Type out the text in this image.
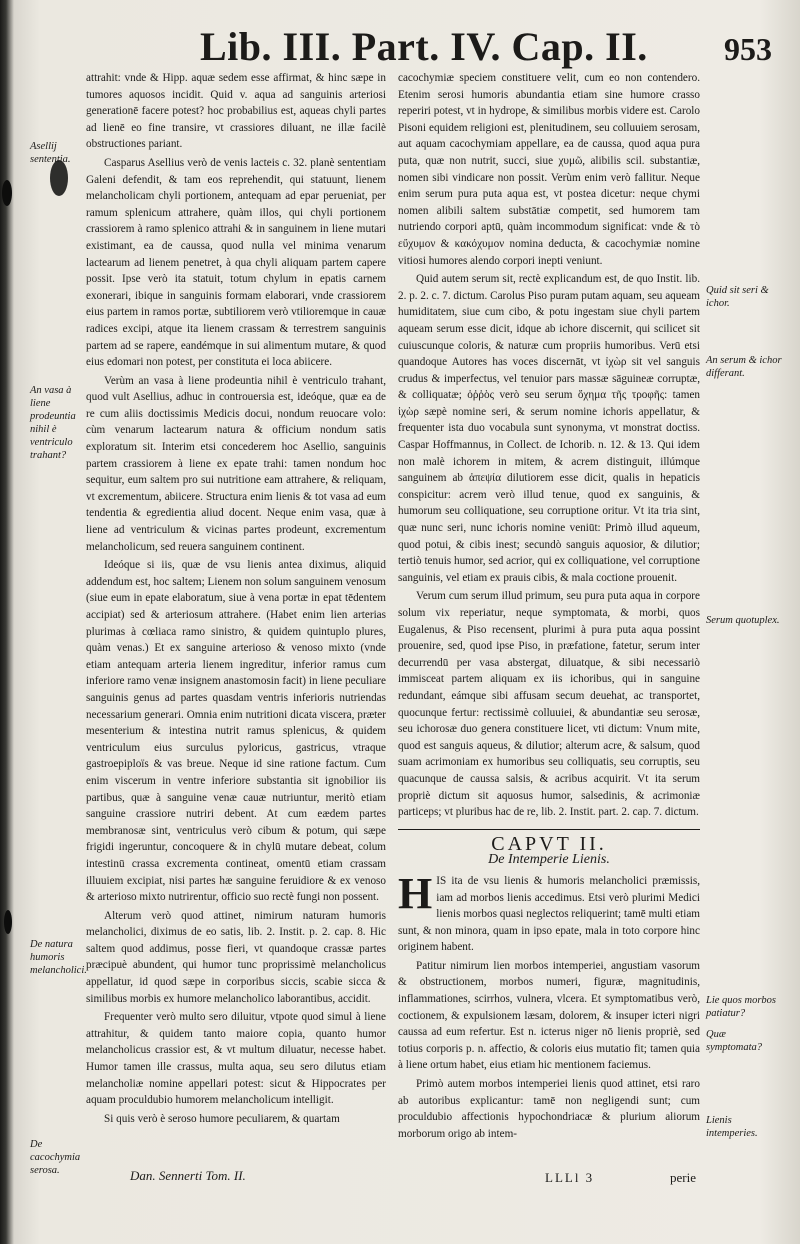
Lib. III. Part. IV. Cap. II. 953

attrahit: vnde & Hipp. aquæ sedem esse affirmat, & hinc sæpe in tumores aquosos incidit. Quid v. aqua ad sanguinis arteriosi generationē facere potest? hoc probabilius est, aqueas chyli partes ad lienē eo fine transire, vt crassiores diluant, ne illæ facilè obstructiones pariant.

Casparus Asellius verò de venis lacteis c. 32. planè sententiam Galeni defendit, & tam eos reprehendit, qui statuunt, lienem melancholicam chyli portionem, antequam ad epar perueniat, per ramum splenicum attrahere, quàm illos, qui chyli portionem crassiorem à ramo splenico attrahi & in sanguinem in liene mutari existimant, ea de caussa, quod nulla vel minima venarum lactearum ad lienem penetret, à qua chyli aliquam partem capere possit. Ipse verò ita statuit, totum chylum in epatis carnem exonerari, ibique in sanguinis formam elaborari, vnde crassiorem eius partem in ramos portæ, subtiliorem verò vtilioremque in cauæ radices excipi, atque ita lienem crassam & terrestrem sanguinis partem ad se rapere, eandémque in sui alimentum mutare, & quod eius edomari non potest, per constituta ei loca abiicere.

Verùm an vasa à liene prodeuntia nihil è ventriculo trahant, quod vult Asellius, adhuc in controuersia est, ideóque, quæ ea de re cum aliis doctissimis Medicis docui, nondum reuocare volo: cùm venarum lactearum natura & officium nondum satis exploratum sit. Interim etsi concederem hoc Asellio, sanguinis partem crassiorem à liene ex epate trahi: tamen nondum hoc sequitur, eum saltem pro sui nutritione eam attrahere, & reliquam, vt excrementum, abiicere. Structura enim lienis & tot vasa ad eum tendentia & egredientia aliud docent. Neque enim vasa, quæ à liene ad ventriculum & vicinas partes prodeunt, excrementum melancholicum, sed reuera sanguinem continent.

Ideóque si iis, quæ de vsu lienis antea diximus, aliquid addendum est, hoc saltem; Lienem non solum sanguinem venosum (siue eum in epate elaboratum, siue à vena portæ in epat tēdentem accipiat) sed & arteriosum attrahere. (Habet enim lien arterias plurimas à cœliaca ramo sinistro, & quidem quintuplo plures, quàm venas.) Et ex sanguine arterioso & venoso mixto (vnde etiam antequam arteria lienem ingreditur, inferior ramus cum inferiore ramo venæ insignem anastomosin facit) in liene peculiare sanguinis genus ad partes quasdam ventris inferioris nutriendas necessarium generari. Omnia enim nutritioni dicata viscera, præter mesenterium & intestina nutrit ramus splenicus, & quidem ventriculum eius surculus pyloricus, gastricus, vtraque gastroepiploïs & vas breue. Neque id sine ratione factum. Cum enim viscerum in ventre inferiore substantia sit ignobilior iis partibus, quæ à sanguine venæ cauæ nutriuntur, meritò etiam sanguine crassiore nutriri debent. At cum eædem partes membranosæ sint, ventriculus verò cibum & potum, qui sæpe frigidi ingeruntur, concoquere & in chylū mutare debeat, colum intestinū crassa excrementa contineat, omentū etiam crassam illuuiem excipiat, nisi partes hæ sanguine feruidiore & ex venoso & arterioso mixto nutrirentur, officio suo rectè fungi non possent.

Alterum verò quod attinet, nimirum naturam humoris melancholici, diximus de eo satis, lib. 2. Instit. p. 2. cap. 8. Hic saltem quod addimus, posse fieri, vt quandoque crassæ partes præcipuè abundent, qui humor tunc proprissimè melancholicus appellatur, id quod sæpe in corporibus siccis, scabie sicca & similibus morbis ex humore melancholico laborantibus, accidit.

Frequenter verò multo sero diluitur, vtpote quod simul à liene attrahitur, & quidem tanto maiore copia, quanto humor melancholicus crassior est, & vt multum diluatur, necesse habet. Humor tamen ille crassus, multa aqua, seu sero dilutus etiam melancholiæ nomine appellari potest: sicut & Hippocrates per aquam proculdubio humorem melancholicum intelligit.

Si quis verò è seroso humore peculiarem, & quartam

cacochymiæ speciem constituere velit, cum eo non contendero. Etenim serosi humoris abundantia etiam sine humore crasso reperiri potest, vt in hydrope, & similibus morbis videre est. Carolo Pisoni equidem religioni est, plenitudinem, seu colluuiem serosam, aut aquam cacochymiam appellare, ea de caussa, quod aqua pura puta, quæ non nutrit, succi, siue χυμῶ, alibilis scil. substantiæ, nomen sibi vindicare non possit. Verùm enim verò fallitur. Neque enim serum pura puta aqua est, vt postea dicetur: neque chymi nomen alibili saltem substātiæ competit, sed humorem tam nutriendo corpori aptū, quàm incommodum significat: vnde & τὸ εὔχυμον & κακόχυμον nomina deducta, & cacochymiæ nomine vitiosi humores alendo corpori inepti veniunt.

Quid autem serum sit, rectè explicandum est, de quo Instit. lib. 2. p. 2. c. 7. dictum. Carolus Piso puram putam aquam, seu aqueam humiditatem, siue cum cibo, & potu ingestam siue chyli partem aqueam serum esse dicit, idque ab ichore discernit, qui scilicet sit cuiuscunque coloris, & naturæ cum propriis humoribus. Verū etsi quandoque Autores has voces discernāt, vt ἰχὼρ sit vel sanguis crudus & imperfectus, vel tenuior pars massæ sāguineæ corruptæ, & colliquatæ; ὀῤῥὸς verò seu serum ὄχημα τῆς τροφῆς: tamen ἰχὼρ sæpè nomine seri, & serum nomine ichoris appellatur, & frequenter ista duo vocabula sunt synonyma, vt monstrat doctiss. Caspar Hoffmannus, in Collect. de Ichorib. n. 12. & 13. Qui idem non malè ichorem in mitem, & acrem distinguit, illúmque sanguinem ab ἀπεψία dilutiorem esse dicit, qualis in hepaticis conspicitur: acrem verò illud tenue, quod ex sanguinis, & humorum seu colliquatione, seu corruptione oritur. Vt ita tria sint, quæ nunc seri, nunc ichoris nomine veniūt: Primò illud aqueum, quod potui, & cibis inest; secundò sanguis aquosior, & dilutior; tertiò tenuis humor, sed acrior, qui ex colliquatione, vel corruptione sanguinis, vel etiam ex prauis cibis, & mala coctione prouenit.

Verum cum serum illud primum, seu pura puta aqua in corpore solum vix reperiatur, neque symptomata, & morbi, quos Eugalenus, & Piso recensent, plurimi à pura puta aqua possint prouenire, sed, quod ipse Piso, in præfatione, fatetur, serum inter decurrendū per vasa abstergat, diluatque, & sibi necessariò immisceat partem aliquam ex iis ichoribus, qui in sanguine redundant, eámque sibi affusam secum deuehat, ac transportet, quocunque fertur: rectissimè colluuiei, & abundantiæ seu serosæ, seu ichorosæ duo genera constituere licet, vti dictum: Vnum mite, quod est sanguis aqueus, & dilutior; alterum acre, & salsum, quod suam acrimoniam ex humoribus seu colliquatis, seu corruptis, seu quacunque de caussa salsis, & acribus acquirit. Vt ita serum propriè dictum sit aquosus humor, salsedinis, & acrimoniæ particeps; vt pluribus hac de re, lib. 2. Instit. part. 2. cap. 7. dictum.

CAPVT II.
De Intemperie Lienis.

HIS ita de vsu lienis & humoris melancholici præmissis, iam ad morbos lienis accedimus. Etsi verò plurimi Medici lienis morbos quasi neglectos reliquerint; tamē multi etiam sunt, & non minora, quam in ipso epate, mala in toto corpore hinc originem habent.

Patitur nimirum lien morbos intemperiei, angustiam vasorum & obstructionem, morbos numeri, figuræ, magnitudinis, inflammationes, scirrhos, vulnera, vlcera. Et symptomatibus verò, coctionem, & expulsionem læsam, dolorem, & insuper icteri nigri caussa ad eum refertur. Est n. icterus niger nō lienis propriè, sed totius corporis p. n. affectio, & coloris eius mutatio fit; tamen quia à liene ortum habet, eius etiam hic mentionem faciemus.

Primò autem morbos intemperiei lienis quod attinet, etsi raro ab autoribus explicantur: tamē non negligendi sunt; cum proculdubio affectionis hypochondriacæ & plurium aliorum morborum origo ab intem-

Asellij sententia.
An vasa à liene prodeuntia nihil è ventriculo trahant?
De natura humoris melancholici.
De cacochymia serosa.
Quid sit seri & ichor.
An serum & ichor differant.
Serum quotuplex.
Lie quos morbos patiatur?
Quæ symptomata?
Lienis intemperies.
Dan. Sennerti Tom. II.	LLLl 3	perie
